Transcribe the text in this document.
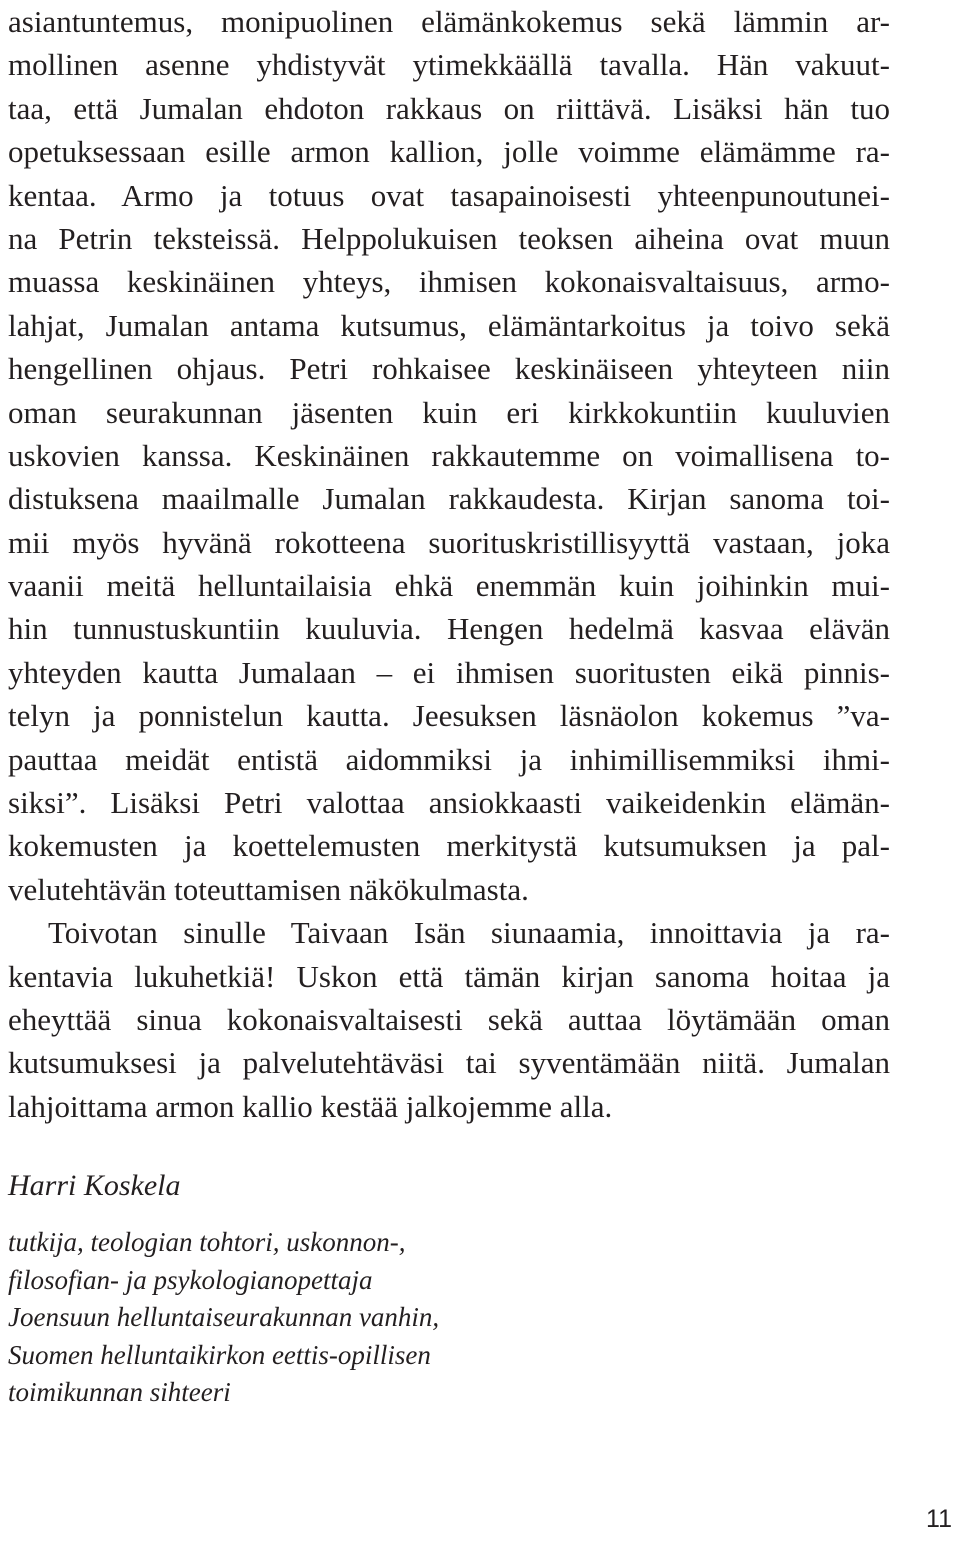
asiantuntemus, monipuolinen elämänkokemus sekä lämmin ar-
mollinen asenne yhdistyvät ytimekkäällä tavalla. Hän vakuut-
taa, että Jumalan ehdoton rakkaus on riittävä. Lisäksi hän tuo
opetuksessaan esille armon kallion, jolle voimme elämämme ra-
kentaa. Armo ja totuus ovat tasapainoisesti yhteenpunoutunei-
na Petrin teksteissä. Helppolukuisen teoksen aiheina ovat muun
muassa keskinäinen yhteys, ihmisen kokonaisvaltaisuus, armo-
lahjat, Jumalan antama kutsumus, elämäntarkoitus ja toivo sekä
hengellinen ohjaus. Petri rohkaisee keskinäiseen yhteyteen niin
oman seurakunnan jäsenten kuin eri kirkkokuntiin kuuluvien
uskovien kanssa. Keskinäinen rakkautemme on voimallisena to-
distuksena maailmalle Jumalan rakkaudesta. Kirjan sanoma toi-
mii myös hyvänä rokotteena suorituskristillisyyttä vastaan, joka
vaanii meitä helluntailaisia ehkä enemmän kuin joihinkin mui-
hin tunnustuskuntiin kuuluvia. Hengen hedelmä kasvaa elävän
yhteyden kautta Jumalaan – ei ihmisen suoritusten eikä pinnis-
telyn ja ponnistelun kautta. Jeesuksen läsnäolon kokemus ”va-
pauttaa meidät entistä aidommiksi ja inhimillisemmiksi ihmi-
siksi”. Lisäksi Petri valottaa ansiokkaasti vaikeidenkin elämän-
kokemusten ja koettelemusten merkitystä kutsumuksen ja pal-
velutehtävän toteuttamisen näkökulmasta.
Toivotan sinulle Taivaan Isän siunaamia, innoittavia ja ra-
kentavia lukuhetkiä! Uskon että tämän kirjan sanoma hoitaa ja
eheyttää sinua kokonaisvaltaisesti sekä auttaa löytämään oman
kutsumuksesi ja palvelutehtäväsi tai syventämään niitä. Jumalan
lahjoittama armon kallio kestää jalkojemme alla.
Harri Koskela
tutkija, teologian tohtori, uskonnon-,
filosofian- ja psykologianopettaja
Joensuun helluntaiseurakunnan vanhin,
Suomen helluntaikirkon eettis-opillisen
toimikunnan sihteeri
11
